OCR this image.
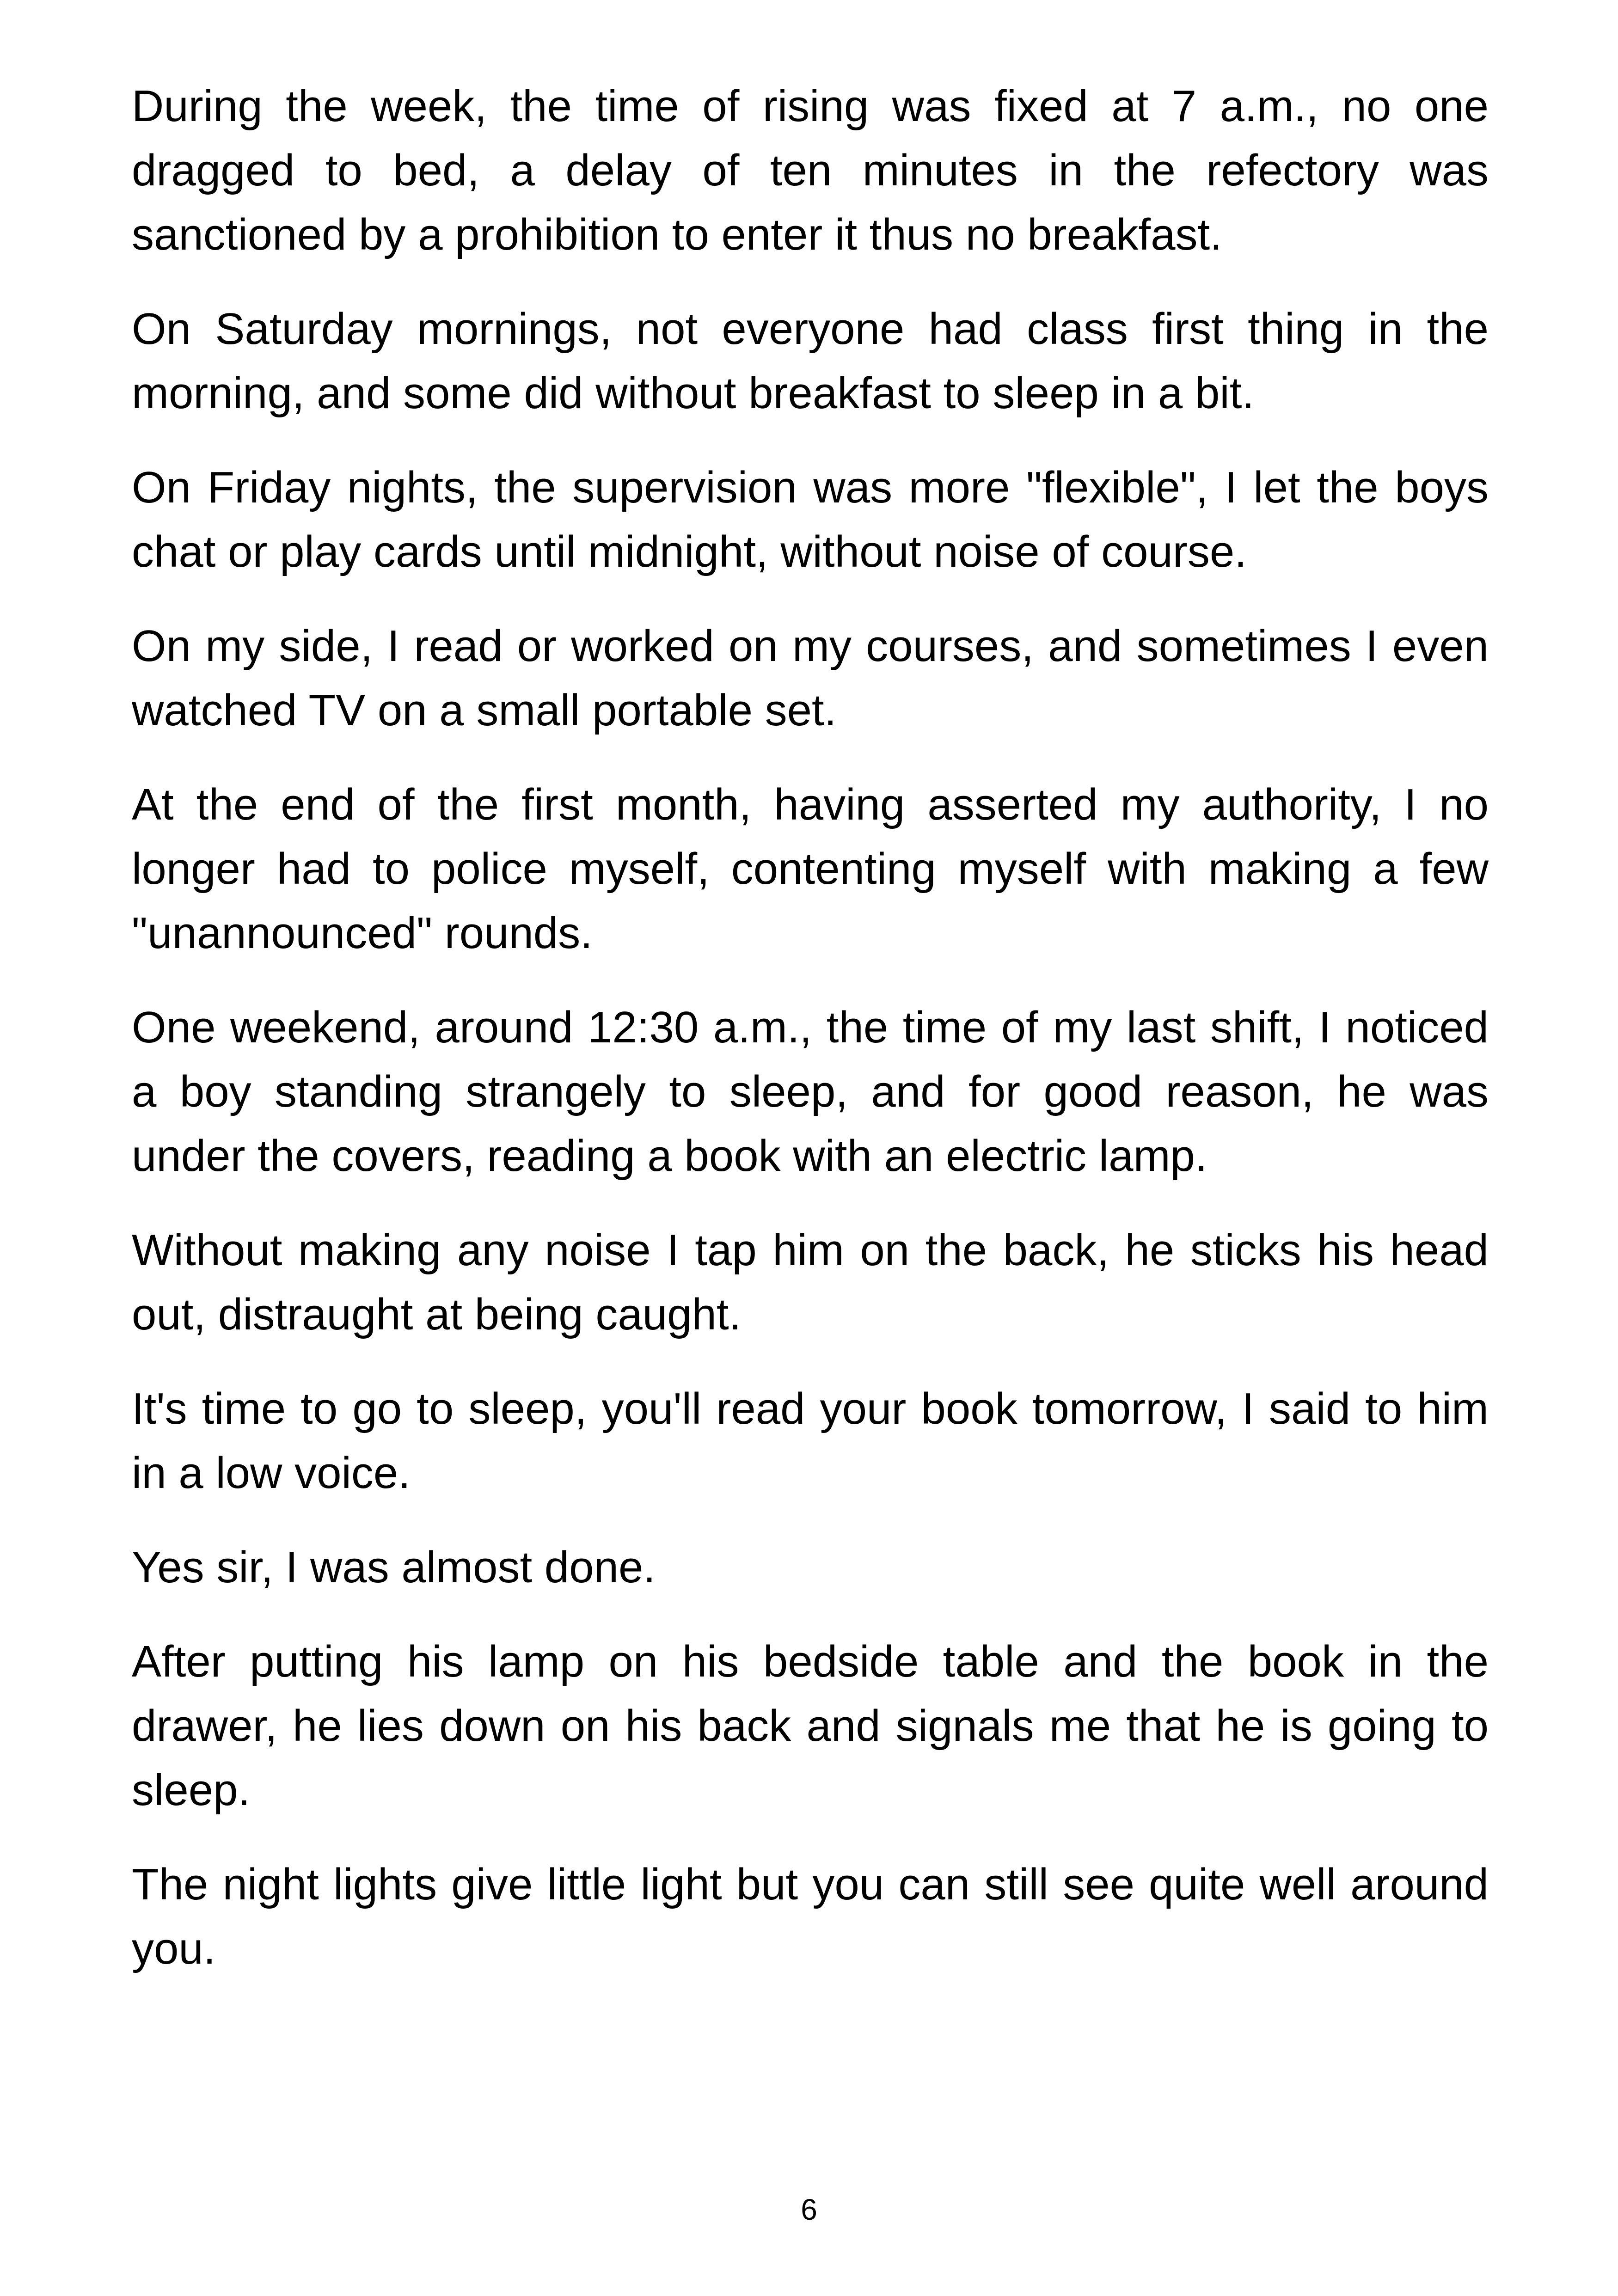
During the week, the time of rising was fixed at 7 a.m., no one dragged to bed, a delay of ten minutes in the refectory was sanctioned by a prohibition to enter it thus no breakfast.

On Saturday mornings, not everyone had class first thing in the morning, and some did without breakfast to sleep in a bit.

On Friday nights, the supervision was more "flexible", I let the boys chat or play cards until midnight, without noise of course.

On my side, I read or worked on my courses, and sometimes I even watched TV on a small portable set.

At the end of the first month, having asserted my authority, I no longer had to police myself, contenting myself with making a few "unannounced" rounds.

One weekend, around 12:30 a.m., the time of my last shift, I noticed a boy standing strangely to sleep, and for good reason, he was under the covers, reading a book with an electric lamp.

Without making any noise I tap him on the back, he sticks his head out, distraught at being caught.

It's time to go to sleep, you'll read your book tomorrow, I said to him in a low voice.

Yes sir, I was almost done.

After putting his lamp on his bedside table and the book in the drawer, he lies down on his back and signals me that he is going to sleep.

The night lights give little light but you can still see quite well around you.

6
